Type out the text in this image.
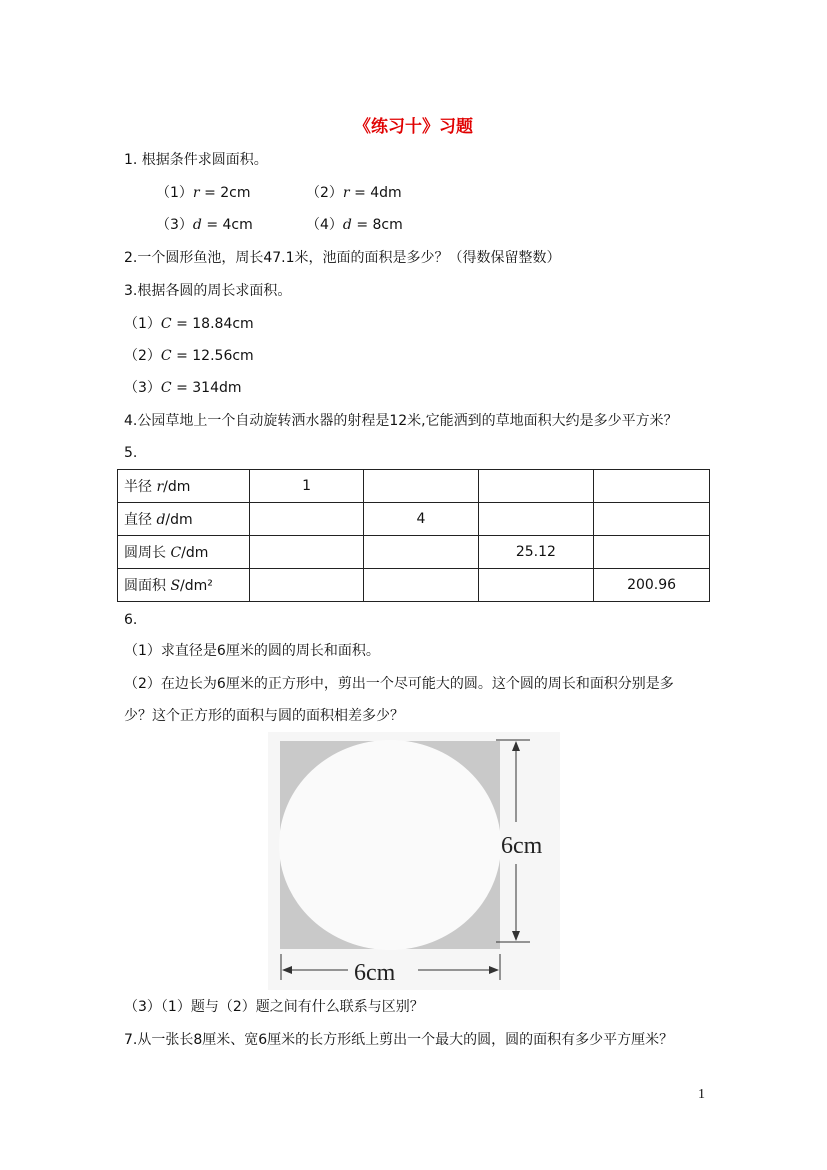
《练习十》习题
1. 根据条件求圆面积。
（1）r = 2cm	（2）r = 4dm
（3）d = 4cm	（4）d = 8cm
2.一个圆形鱼池，周长47.1米，池面的面积是多少？（得数保留整数）
3.根据各圆的周长求面积。
（1）C = 18.84cm
（2）C = 12.56cm
（3）C = 314dm
4.公园草地上一个自动旋转洒水器的射程是12米,它能洒到的草地面积大约是多少平方米？
5.
半径 r/dm	1			
直径 d/dm		4		
圆周长 C/dm			25.12	
圆面积 S/dm²				200.96
6.
（1）求直径是6厘米的圆的周长和面积。
（2）在边长为6厘米的正方形中，剪出一个尽可能大的圆。这个圆的周长和面积分别是多
少？这个正方形的面积与圆的面积相差多少？
6cm
6cm
（3）（1）题与（2）题之间有什么联系与区别？
7.从一张长8厘米、宽6厘米的长方形纸上剪出一个最大的圆，圆的面积有多少平方厘米？
1
